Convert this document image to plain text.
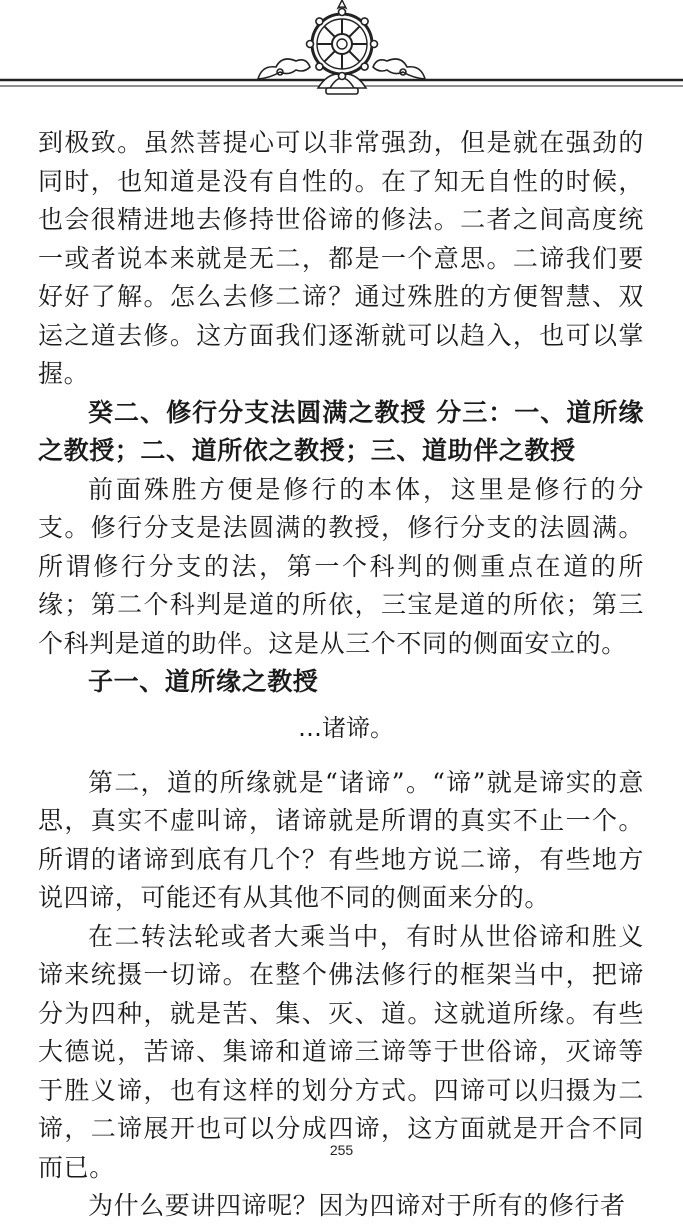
到极致。虽然菩提心可以非常强劲，但是就在强劲的同时，也知道是没有自性的。在了知无自性的时候，也会很精进地去修持世俗谛的修法。二者之间高度统一或者说本来就是无二，都是一个意思。二谛我们要好好了解。怎么去修二谛？通过殊胜的方便智慧、双运之道去修。这方面我们逐渐就可以趋入，也可以掌握。

癸二、修行分支法圆满之教授 分三：一、道所缘之教授；二、道所依之教授；三、道助伴之教授

前面殊胜方便是修行的本体，这里是修行的分支。修行分支是法圆满的教授，修行分支的法圆满。所谓修行分支的法，第一个科判的侧重点在道的所缘；第二个科判是道的所依，三宝是道的所依；第三个科判是道的助伴。这是从三个不同的侧面安立的。

子一、道所缘之教授

…诸谛。

第二，道的所缘就是“诸谛”。“谛”就是谛实的意思，真实不虚叫谛，诸谛就是所谓的真实不止一个。所谓的诸谛到底有几个？有些地方说二谛，有些地方说四谛，可能还有从其他不同的侧面来分的。

在二转法轮或者大乘当中，有时从世俗谛和胜义谛来统摄一切谛。在整个佛法修行的框架当中，把谛分为四种，就是苦、集、灭、道。这就道所缘。有些大德说，苦谛、集谛和道谛三谛等于世俗谛，灭谛等于胜义谛，也有这样的划分方式。四谛可以归摄为二谛，二谛展开也可以分成四谛，这方面就是开合不同而已。

为什么要讲四谛呢？因为四谛对于所有的修行者

255
